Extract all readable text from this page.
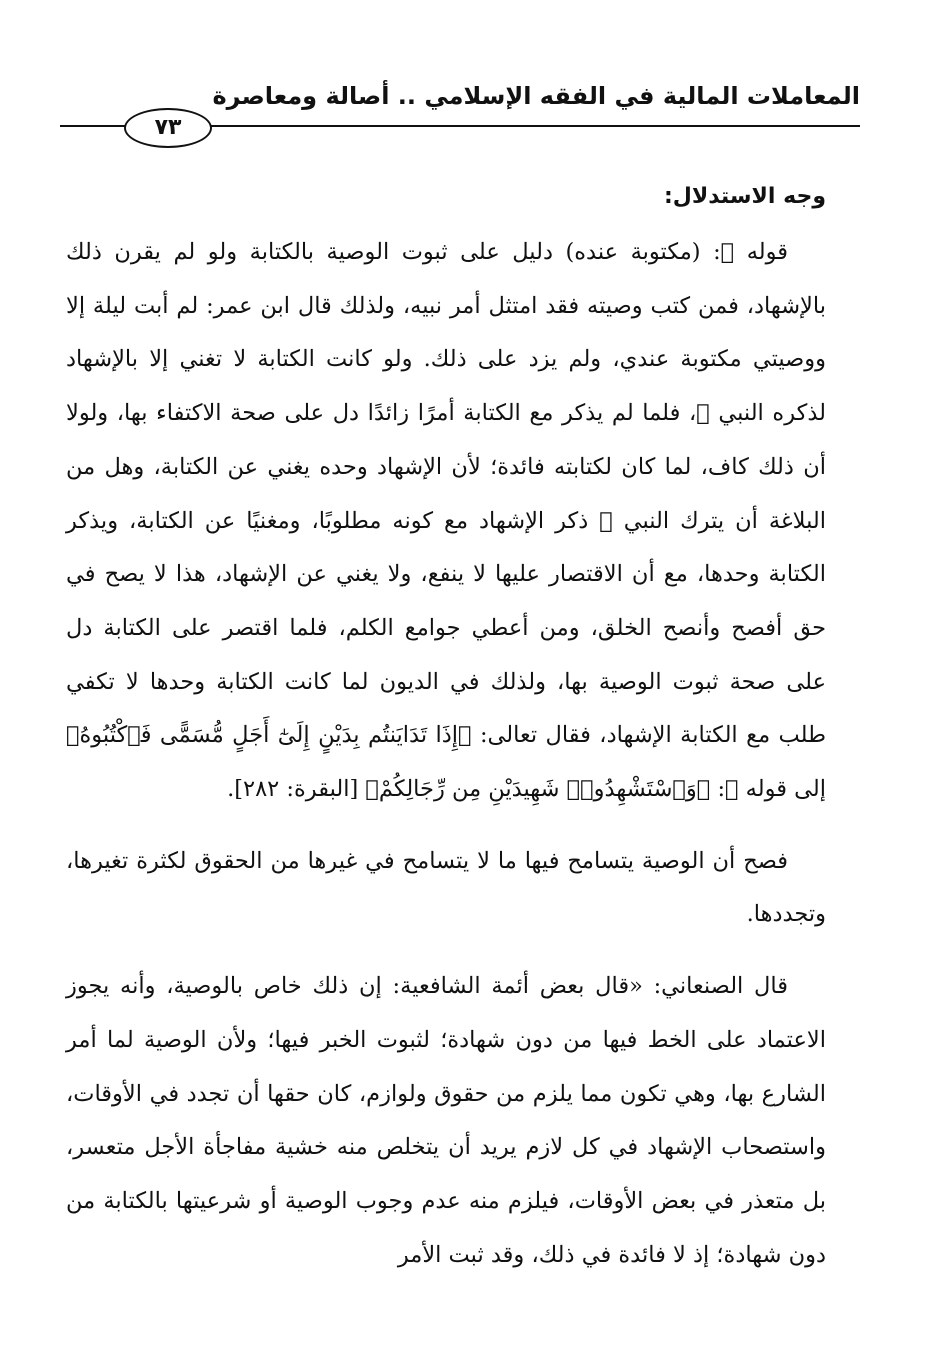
المعاملات المالية في الفقه الإسلامي .. أصالة ومعاصرة
٧٣
وجه الاستدلال:

قوله ﷺ: (مكتوبة عنده) دليل على ثبوت الوصية بالكتابة ولو لم يقرن ذلك بالإشهاد، فمن كتب وصيته فقد امتثل أمر نبيه، ولذلك قال ابن عمر: لم أبت ليلة إلا ووصيتي مكتوبة عندي، ولم يزد على ذلك. ولو كانت الكتابة لا تغني إلا بالإشهاد لذكره النبي ﷺ، فلما لم يذكر مع الكتابة أمرًا زائدًا دل على صحة الاكتفاء بها، ولولا أن ذلك كاف، لما كان لكتابته فائدة؛ لأن الإشهاد وحده يغني عن الكتابة، وهل من البلاغة أن يترك النبي ﷺ ذكر الإشهاد مع كونه مطلوبًا، ومغنيًا عن الكتابة، ويذكر الكتابة وحدها، مع أن الاقتصار عليها لا ينفع، ولا يغني عن الإشهاد، هذا لا يصح في حق أفصح وأنصح الخلق، ومن أعطي جوامع الكلم، فلما اقتصر على الكتابة دل على صحة ثبوت الوصية بها، ولذلك في الديون لما كانت الكتابة وحدها لا تكفي طلب مع الكتابة الإشهاد، فقال تعالى: ﴿إِذَا تَدَايَنتُم بِدَيْنٍ إِلَىٰٓ أَجَلٍ مُّسَمًّى فَٱكْتُبُوهُ﴾ إلى قوله ﷻ: ﴿وَٱسْتَشْهِدُوا۟ شَهِيدَيْنِ مِن رِّجَالِكُمْ﴾ [البقرة: ٢٨٢].

فصح أن الوصية يتسامح فيها ما لا يتسامح في غيرها من الحقوق لكثرة تغيرها، وتجددها.

قال الصنعاني: «قال بعض أئمة الشافعية: إن ذلك خاص بالوصية، وأنه يجوز الاعتماد على الخط فيها من دون شهادة؛ لثبوت الخبر فيها؛ ولأن الوصية لما أمر الشارع بها، وهي تكون مما يلزم من حقوق ولوازم، كان حقها أن تجدد في الأوقات، واستصحاب الإشهاد في كل لازم يريد أن يتخلص منه خشية مفاجأة الأجل متعسر، بل متعذر في بعض الأوقات، فيلزم منه عدم وجوب الوصية أو شرعيتها بالكتابة من دون شهادة؛ إذ لا فائدة في ذلك، وقد ثبت الأمر
